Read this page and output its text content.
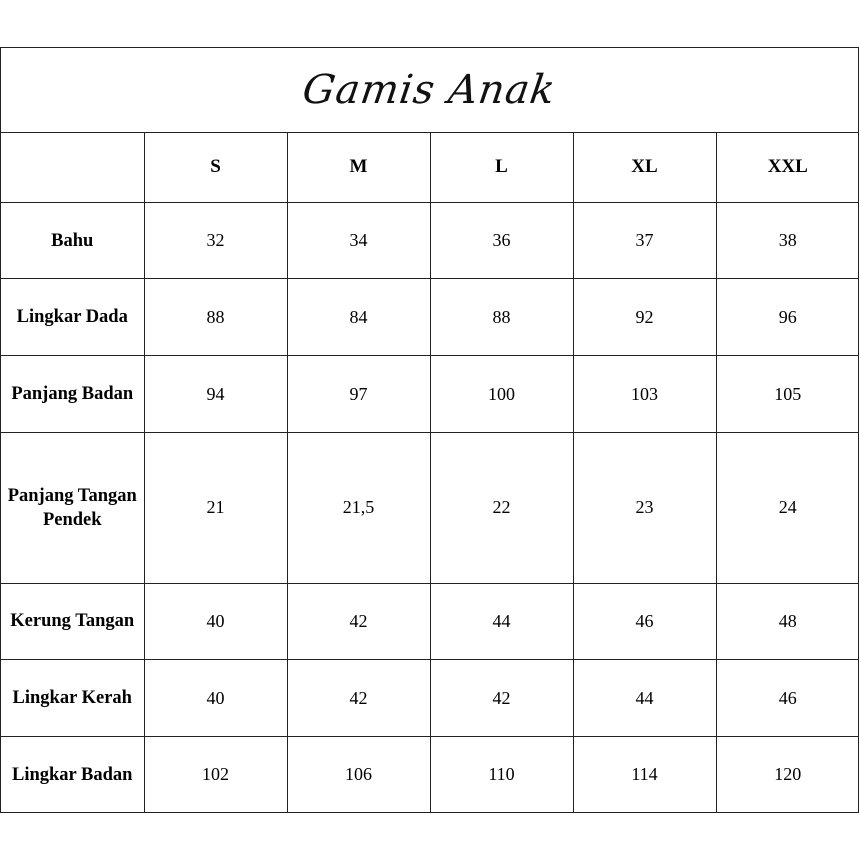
Gamis Anak
	S	M	L	XL	XXL
Bahu	32	34	36	37	38
Lingkar Dada	88	84	88	92	96
Panjang Badan	94	97	100	103	105
Panjang Tangan Pendek	21	21,5	22	23	24
Kerung Tangan	40	42	44	46	48
Lingkar Kerah	40	42	42	44	46
Lingkar Badan	102	106	110	114	120
